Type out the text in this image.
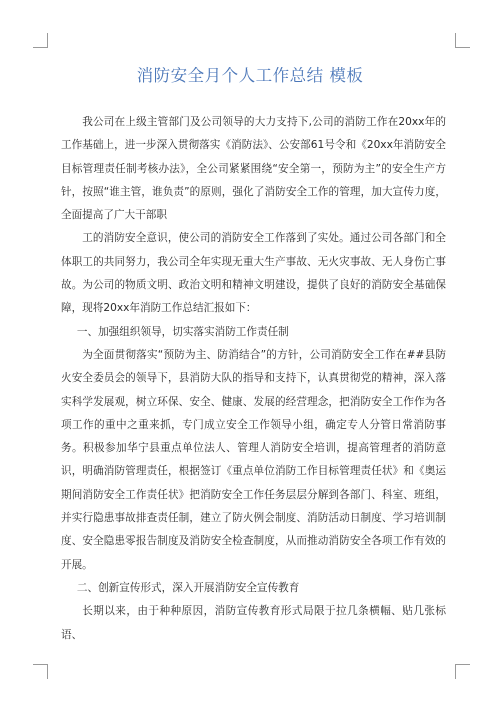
消防安全月个人工作总结 模板

我公司在上级主管部门及公司领导的大力支持下,公司的消防工作在20xx年的工作基础上，进一步深入贯彻落实《消防法》、公安部61号令和《20xx年消防安全目标管理责任制考核办法》，全公司紧紧围绕“安全第一，预防为主”的安全生产方针，按照“谁主管，谁负责”的原则，强化了消防安全工作的管理，加大宣传力度，全面提高了广大干部职

工的消防安全意识，使公司的消防安全工作落到了实处。通过公司各部门和全体职工的共同努力，我公司全年实现无重大生产事故、无火灾事故、无人身伤亡事故。为公司的物质文明、政治文明和精神文明建设，提供了良好的消防安全基础保障，现将20xx年消防工作总结汇报如下：

一、加强组织领导，切实落实消防工作责任制

为全面贯彻落实“预防为主、防消结合”的方针，公司消防安全工作在##县防火安全委员会的领导下，县消防大队的指导和支持下，认真贯彻党的精神，深入落实科学发展观，树立环保、安全、健康、发展的经营理念，把消防安全工作作为各项工作的重中之重来抓，专门成立安全工作领导小组，确定专人分管日常消防事务。积极参加华宁县重点单位法人、管理人消防安全培训，提高管理者的消防意识，明确消防管理责任，根据签订《重点单位消防工作目标管理责任状》和《奥运期间消防安全工作责任状》把消防安全工作任务层层分解到各部门、科室、班组，并实行隐患事故排查责任制，建立了防火例会制度、消防活动日制度、学习培训制度、安全隐患零报告制度及消防安全检查制度，从而推动消防安全各项工作有效的开展。

二、创新宣传形式，深入开展消防安全宣传教育

长期以来，由于种种原因，消防宣传教育形式局限于拉几条横幅、贴几张标语、
